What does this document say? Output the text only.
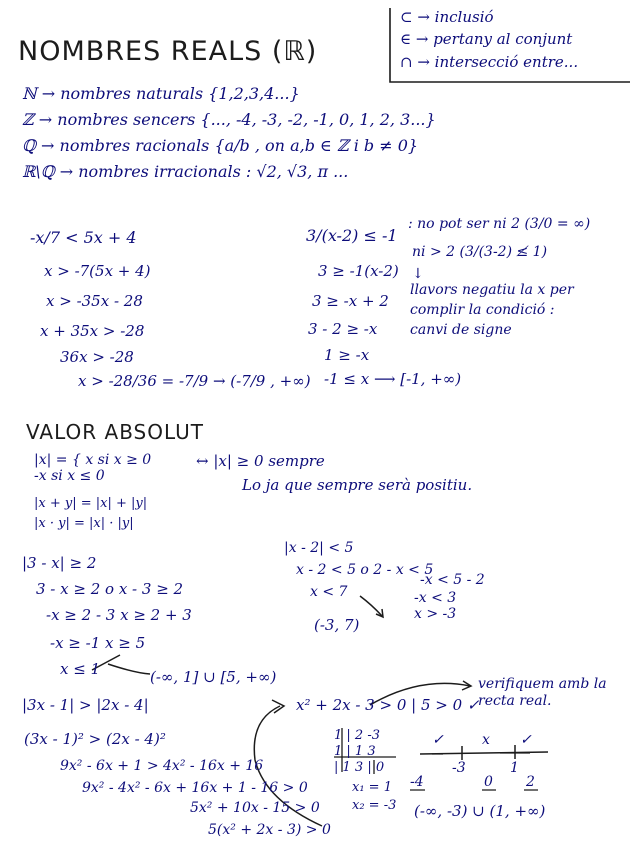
NOMBRES REALS (ℝ)
⊂ → inclusió
∈ → pertany al conjunt
∩ → intersecció entre...
ℕ → nombres naturals {1,2,3,4...}
ℤ → nombres sencers {..., -4, -3, -2, -1, 0, 1, 2, 3...}
ℚ → nombres racionals {a/b , on a,b ∈ ℤ i b ≠ 0}
ℝ\ℚ → nombres irracionals : √2, √3, π ...
-x/7 < 5x + 4
x > -7(5x + 4)
x > -35x - 28
x + 35x > -28
36x > -28
x > -28/36 = -7/9 → (-7/9 , +∞)
3/(x-2) ≤ -1
3 ≥ -1(x-2)
3 ≥ -x + 2
3 - 2 ≥ -x
1 ≥ -x
-1 ≤ x ⟶ [-1, +∞)
: no pot ser ni 2 (3/0 = ∞)
ni > 2 (3/(3-2) ≰ 1)
↓
llavors negatiu la x per
complir la condició :
canvi de signe
VALOR ABSOLUT
|x| = { x si x ≥ 0
-x si x ≤ 0
↔ |x| ≥ 0 sempre
Lo ja que sempre serà positiu.
|x + y| = |x| + |y|
|x · y| = |x| · |y|
|3 - x| ≥ 2
3 - x ≥ 2 o x - 3 ≥ 2
-x ≥ 2 - 3 x ≥ 2 + 3
-x ≥ -1 x ≥ 5
x ≤ 1	(-∞, 1] ∪ [5, +∞)
|x - 2| < 5
x - 2 < 5 o 2 - x < 5
x < 7
-x < 5 - 2
-x < 3
x > -3
(-3, 7)
|3x - 1| > |2x - 4|
(3x - 1)² > (2x - 4)²
9x² - 6x + 1 > 4x² - 16x + 16
9x² - 4x² - 6x + 16x + 1 - 16 > 0
5x² + 10x - 15 > 0
5(x² + 2x - 3) > 0
x² + 2x - 3 > 0 | 5 > 0 ✓
verifiquem amb la recta real.
1 | 2 -3
1 | 1 3
| 1 3 | 0
x₁ = 1
x₂ = -3
✓	x ✓
-3	1
-4	0 2
(-∞, -3) ∪ (1, +∞)
